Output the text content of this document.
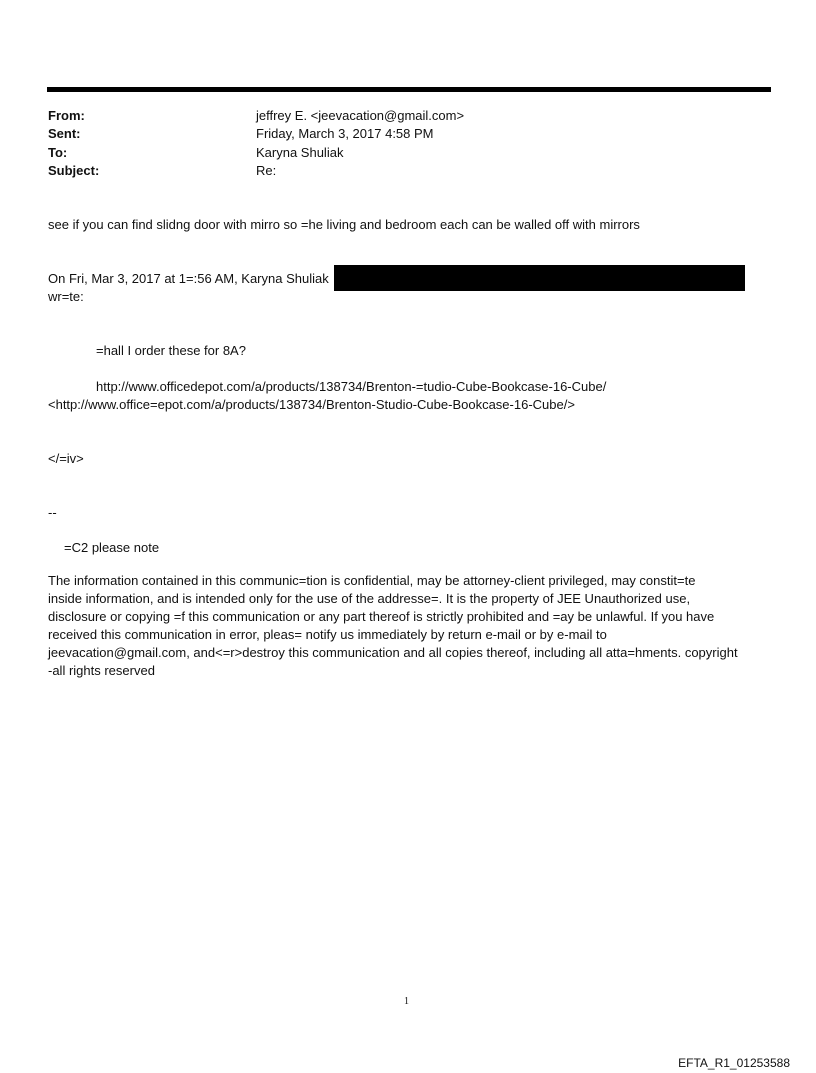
From:	jeffrey E. <jeevacation@gmail.com>
Sent:	Friday, March 3, 2017 4:58 PM
To:	Karyna Shuliak
Subject:	Re:
see if you can find slidng door with mirro so =he living and bedroom each can be walled off with mirrors
On Fri, Mar 3, 2017 at 1=:56 AM, Karyna Shuliak
wr=te:
=hall I order these for 8A?
http://www.officedepot.com/a/products/138734/Brenton-=tudio-Cube-Bookcase-16-Cube/
<http://www.office=epot.com/a/products/138734/Brenton-Studio-Cube-Bookcase-16-Cube/>
</=iv>
--
=C2 please note
The information contained in this communic=tion is confidential, may be attorney-client privileged, may constit=te
inside information, and is intended only for the use of the addresse=. It is the property of JEE Unauthorized use,
disclosure or copying =f this communication or any part thereof is strictly prohibited and =ay be unlawful. If you have
received this communication in error, pleas= notify us immediately by return e-mail or by e-mail to
jeevacation@gmail.com, and<=r>destroy this communication and all copies thereof, including all atta=hments. copyright
-all rights reserved
1
EFTA_R1_01253588
